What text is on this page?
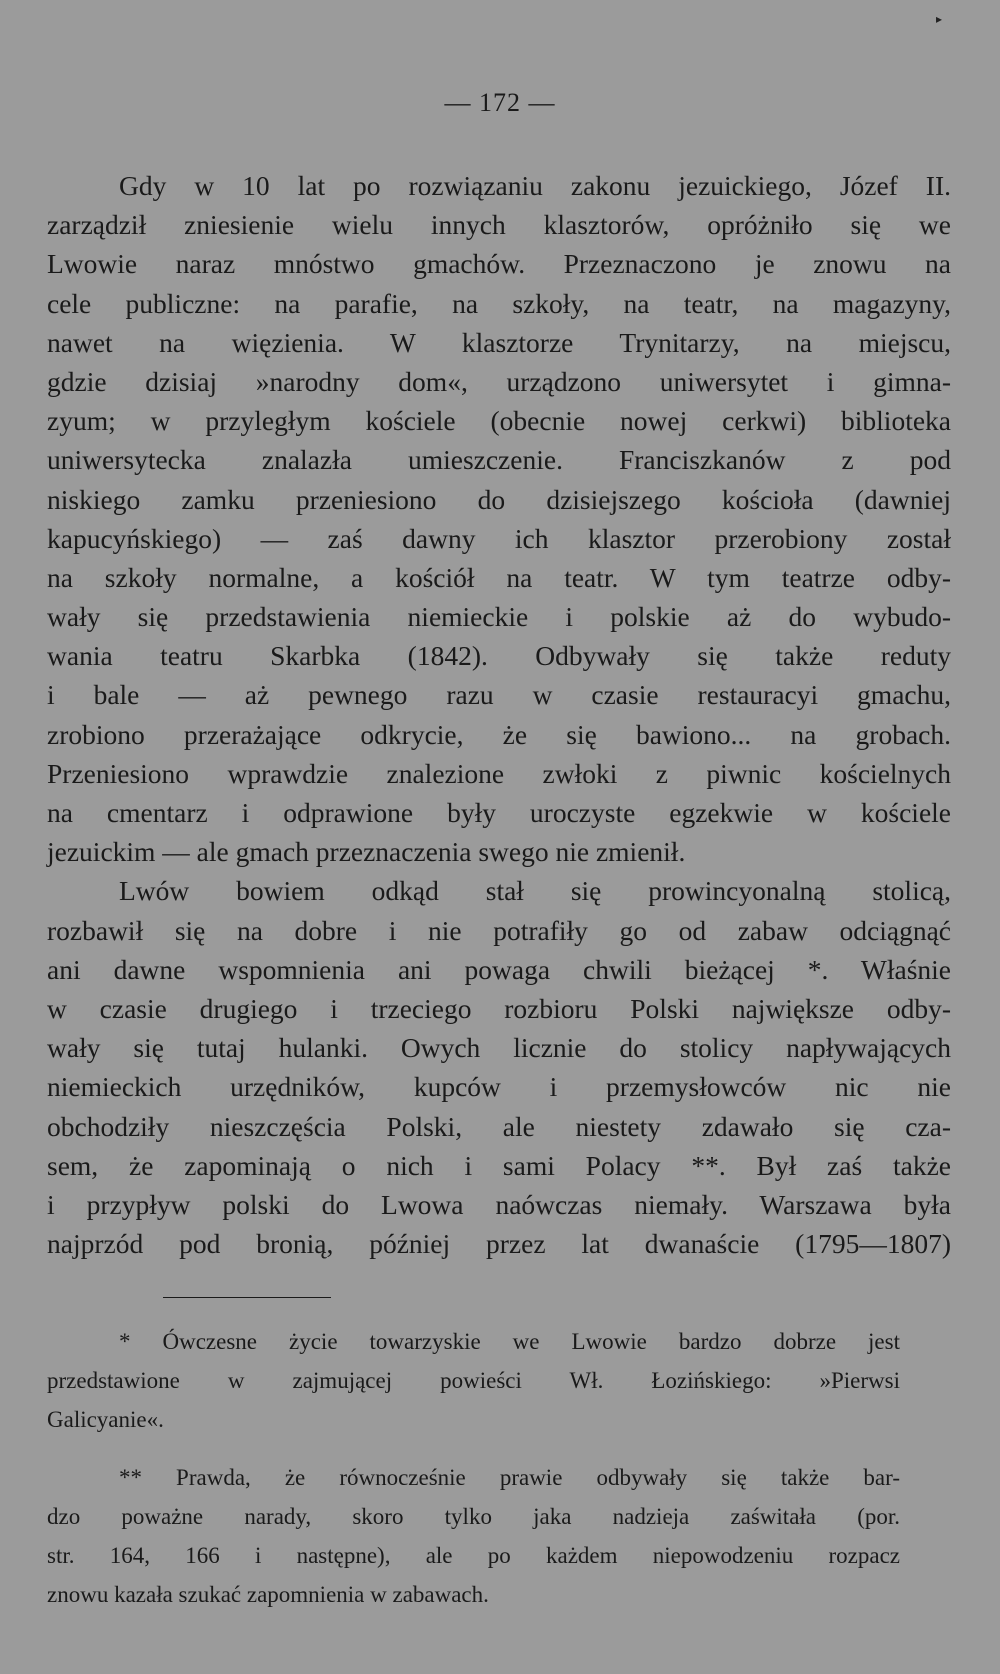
▸
— 172 —
Gdy w 10 lat po rozwiązaniu zakonu jezuickiego, Józef II.
zarządził zniesienie wielu innych klasztorów, opróżniło się we
Lwowie naraz mnóstwo gmachów. Przeznaczono je znowu na
cele publiczne: na parafie, na szkoły, na teatr, na magazyny,
nawet na więzienia. W klasztorze Trynitarzy, na miejscu,
gdzie dzisiaj »narodny dom«, urządzono uniwersytet i gimna-
zyum; w przyległym kościele (obecnie nowej cerkwi) biblioteka
uniwersytecka znalazła umieszczenie. Franciszkanów z pod
niskiego zamku przeniesiono do dzisiejszego kościoła (dawniej
kapucyńskiego) — zaś dawny ich klasztor przerobiony został
na szkoły normalne, a kościół na teatr. W tym teatrze odby-
wały się przedstawienia niemieckie i polskie aż do wybudo-
wania teatru Skarbka (1842). Odbywały się także reduty
i bale — aż pewnego razu w czasie restauracyi gmachu,
zrobiono przerażające odkrycie, że się bawiono... na grobach.
Przeniesiono wprawdzie znalezione zwłoki z piwnic kościelnych
na cmentarz i odprawione były uroczyste egzekwie w kościele
jezuickim — ale gmach przeznaczenia swego nie zmienił.
Lwów bowiem odkąd stał się prowincyonalną stolicą,
rozbawił się na dobre i nie potrafiły go od zabaw odciągnąć
ani dawne wspomnienia ani powaga chwili bieżącej *. Właśnie
w czasie drugiego i trzeciego rozbioru Polski największe odby-
wały się tutaj hulanki. Owych licznie do stolicy napływających
niemieckich urzędników, kupców i przemysłowców nic nie
obchodziły nieszczęścia Polski, ale niestety zdawało się cza-
sem, że zapominają o nich i sami Polacy **. Był zaś także
i przypływ polski do Lwowa naówczas niemały. Warszawa była
najprzód pod bronią, później przez lat dwanaście (1795—1807)
* Ówczesne życie towarzyskie we Lwowie bardzo dobrze jest
przedstawione w zajmującej powieści Wł. Łozińskiego: »Pierwsi
Galicyanie«.
** Prawda, że równocześnie prawie odbywały się także bar-
dzo poważne narady, skoro tylko jaka nadzieja zaświtała (por.
str. 164, 166 i następne), ale po każdem niepowodzeniu rozpacz
znowu kazała szukać zapomnienia w zabawach.
